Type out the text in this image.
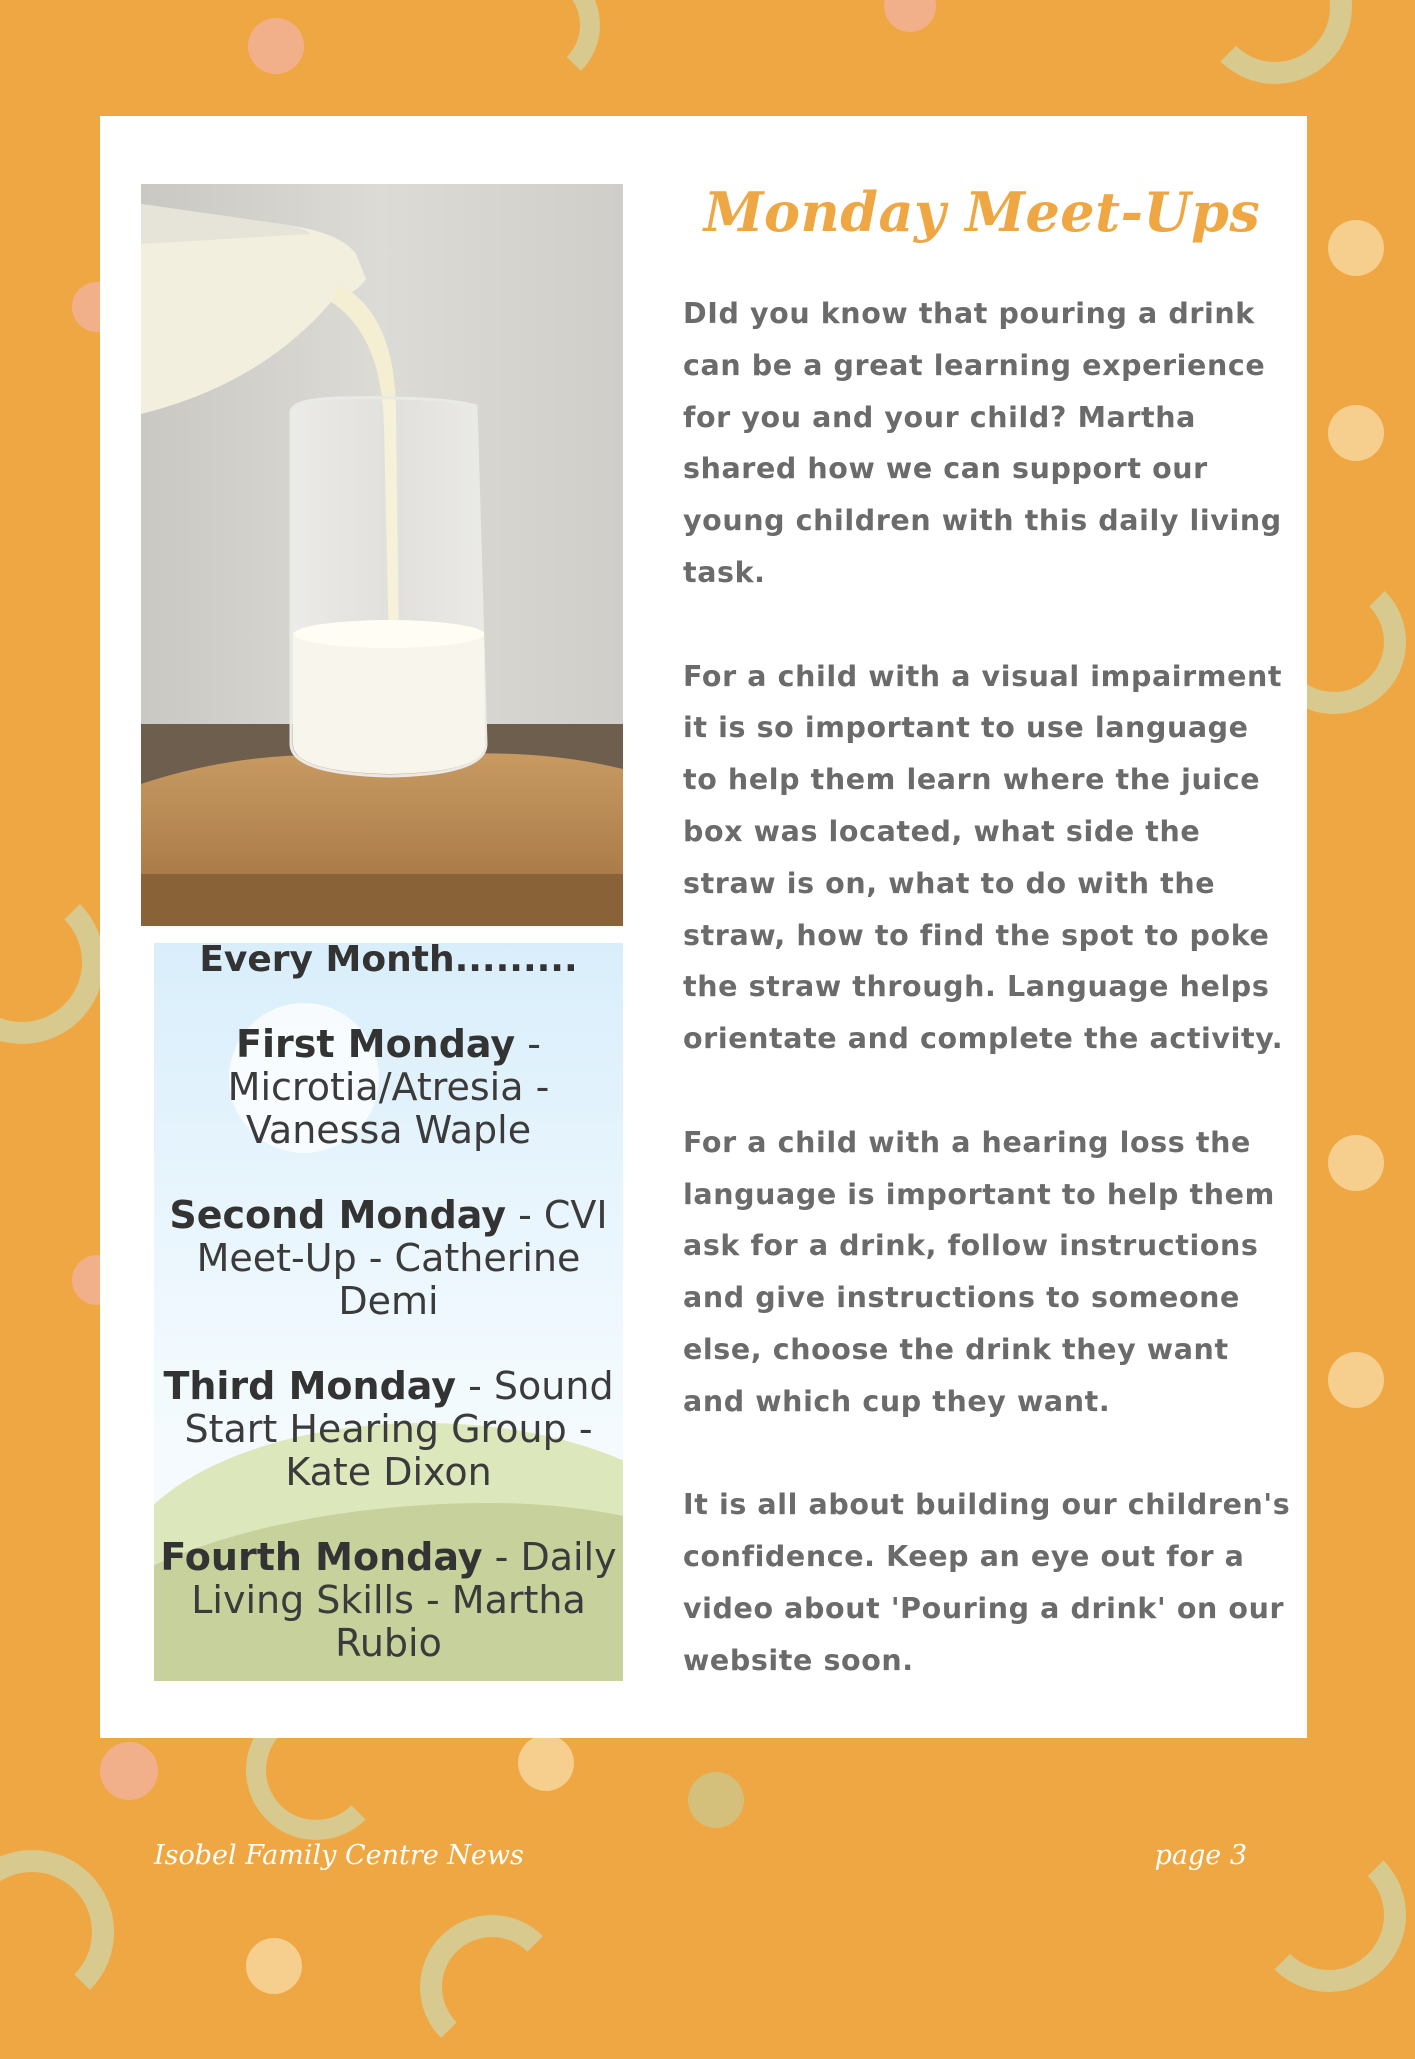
Every Month.........
First Monday - Microtia/Atresia - Vanessa Waple
Second Monday - CVI Meet-Up - Catherine Demi
Third Monday - Sound Start Hearing Group - Kate Dixon
Fourth Monday - Daily Living Skills - Martha Rubio
Monday Meet-Ups

DId you know that pouring a drink can be a great learning experience for you and your child? Martha shared how we can support our young children with this daily living task.

For a child with a visual impairment it is so important to use language to help them learn where the juice box was located, what side the straw is on, what to do with the straw, how to find the spot to poke the straw through. Language helps orientate and complete the activity.

For a child with a hearing loss the language is important to help them ask for a drink, follow instructions and give instructions to someone else, choose the drink they want and which cup they want.

It is all about building our children's confidence. Keep an eye out for a video about 'Pouring a drink' on our website soon.

Isobel Family Centre News	page 3
